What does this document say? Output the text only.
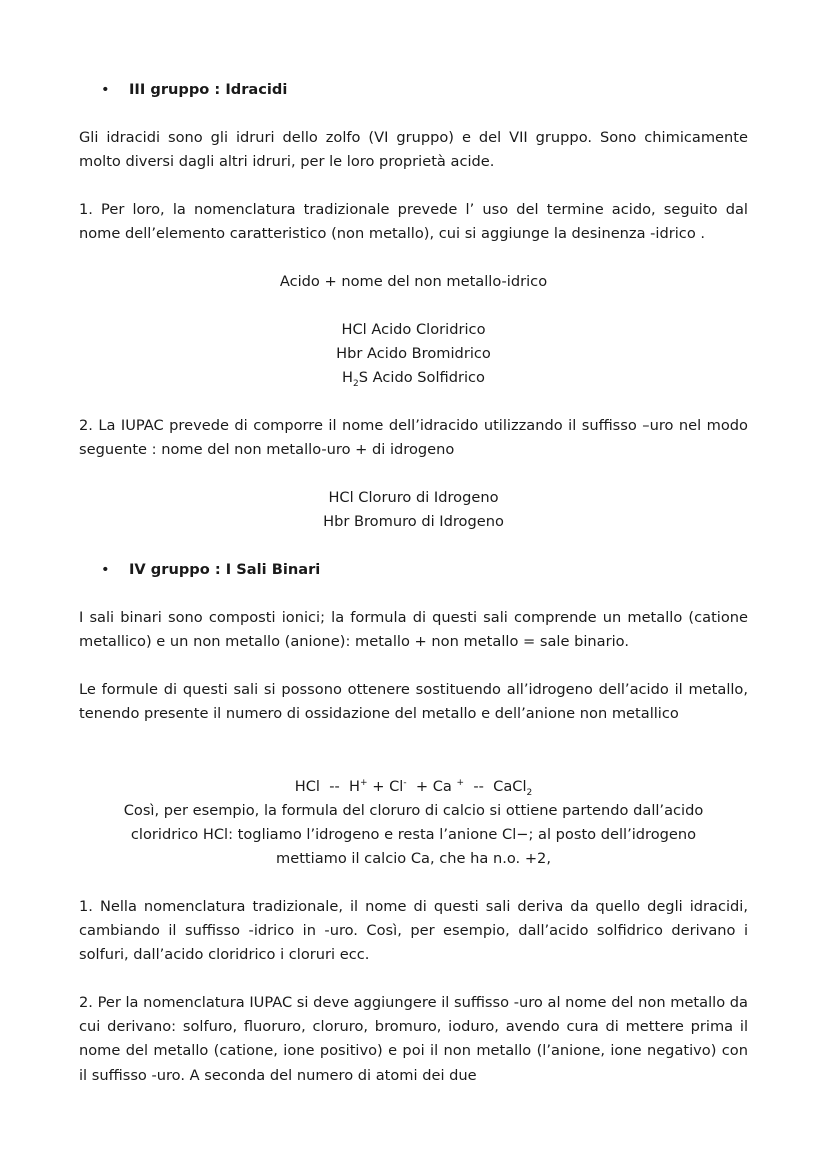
• III gruppo : Idracidi

Gli idracidi sono gli idruri dello zolfo (VI gruppo) e del VII gruppo. Sono chimicamente molto diversi dagli altri idruri, per le loro proprietà acide.

1. Per loro, la nomenclatura tradizionale prevede l’ uso del termine acido, seguito dal nome dell’elemento caratteristico (non metallo), cui si aggiunge la desinenza -idrico .

Acido + nome del non metallo-idrico

HCl Acido Cloridrico
Hbr Acido Bromidrico
$H_2S$ Acido Solfidrico

2. La IUPAC prevede di comporre il nome dell’idracido utilizzando il suffisso –uro nel modo seguente : nome del non metallo-uro + di idrogeno

HCl Cloruro di Idrogeno
Hbr Bromuro di Idrogeno
• IV gruppo : I Sali Binari

I sali binari sono composti ionici; la formula di questi sali comprende un metallo (catione metallico) e un non metallo (anione): metallo + non metallo = sale binario.

Le formule di questi sali si possono ottenere sostituendo all’idrogeno dell’acido il metallo, tenendo presente il numero di ossidazione del metallo e dell’anione non metallico

HCl  --  H+ + Cl-  + Ca +  --  CaCl$_2$

Così, per esempio, la formula del cloruro di calcio si ottiene partendo dall’acido cloridrico HCl: togliamo l’idrogeno e resta l’anione Cl−; al posto dell’idrogeno mettiamo il calcio Ca, che ha n.o. +2,

1. Nella nomenclatura tradizionale, il nome di questi sali deriva da quello degli idracidi, cambiando il suffisso -idrico in -uro. Così, per esempio, dall’acido solfidrico derivano i solfuri, dall’acido cloridrico i cloruri ecc.

2. Per la nomenclatura IUPAC si deve aggiungere il suffisso -uro al nome del non metallo da cui derivano: solfuro, fluoruro, cloruro, bromuro, ioduro, avendo cura di mettere prima il nome del metallo (catione, ione positivo) e poi il non metallo (l’anione, ione negativo) con il suffisso -uro. A seconda del numero di atomi dei due
